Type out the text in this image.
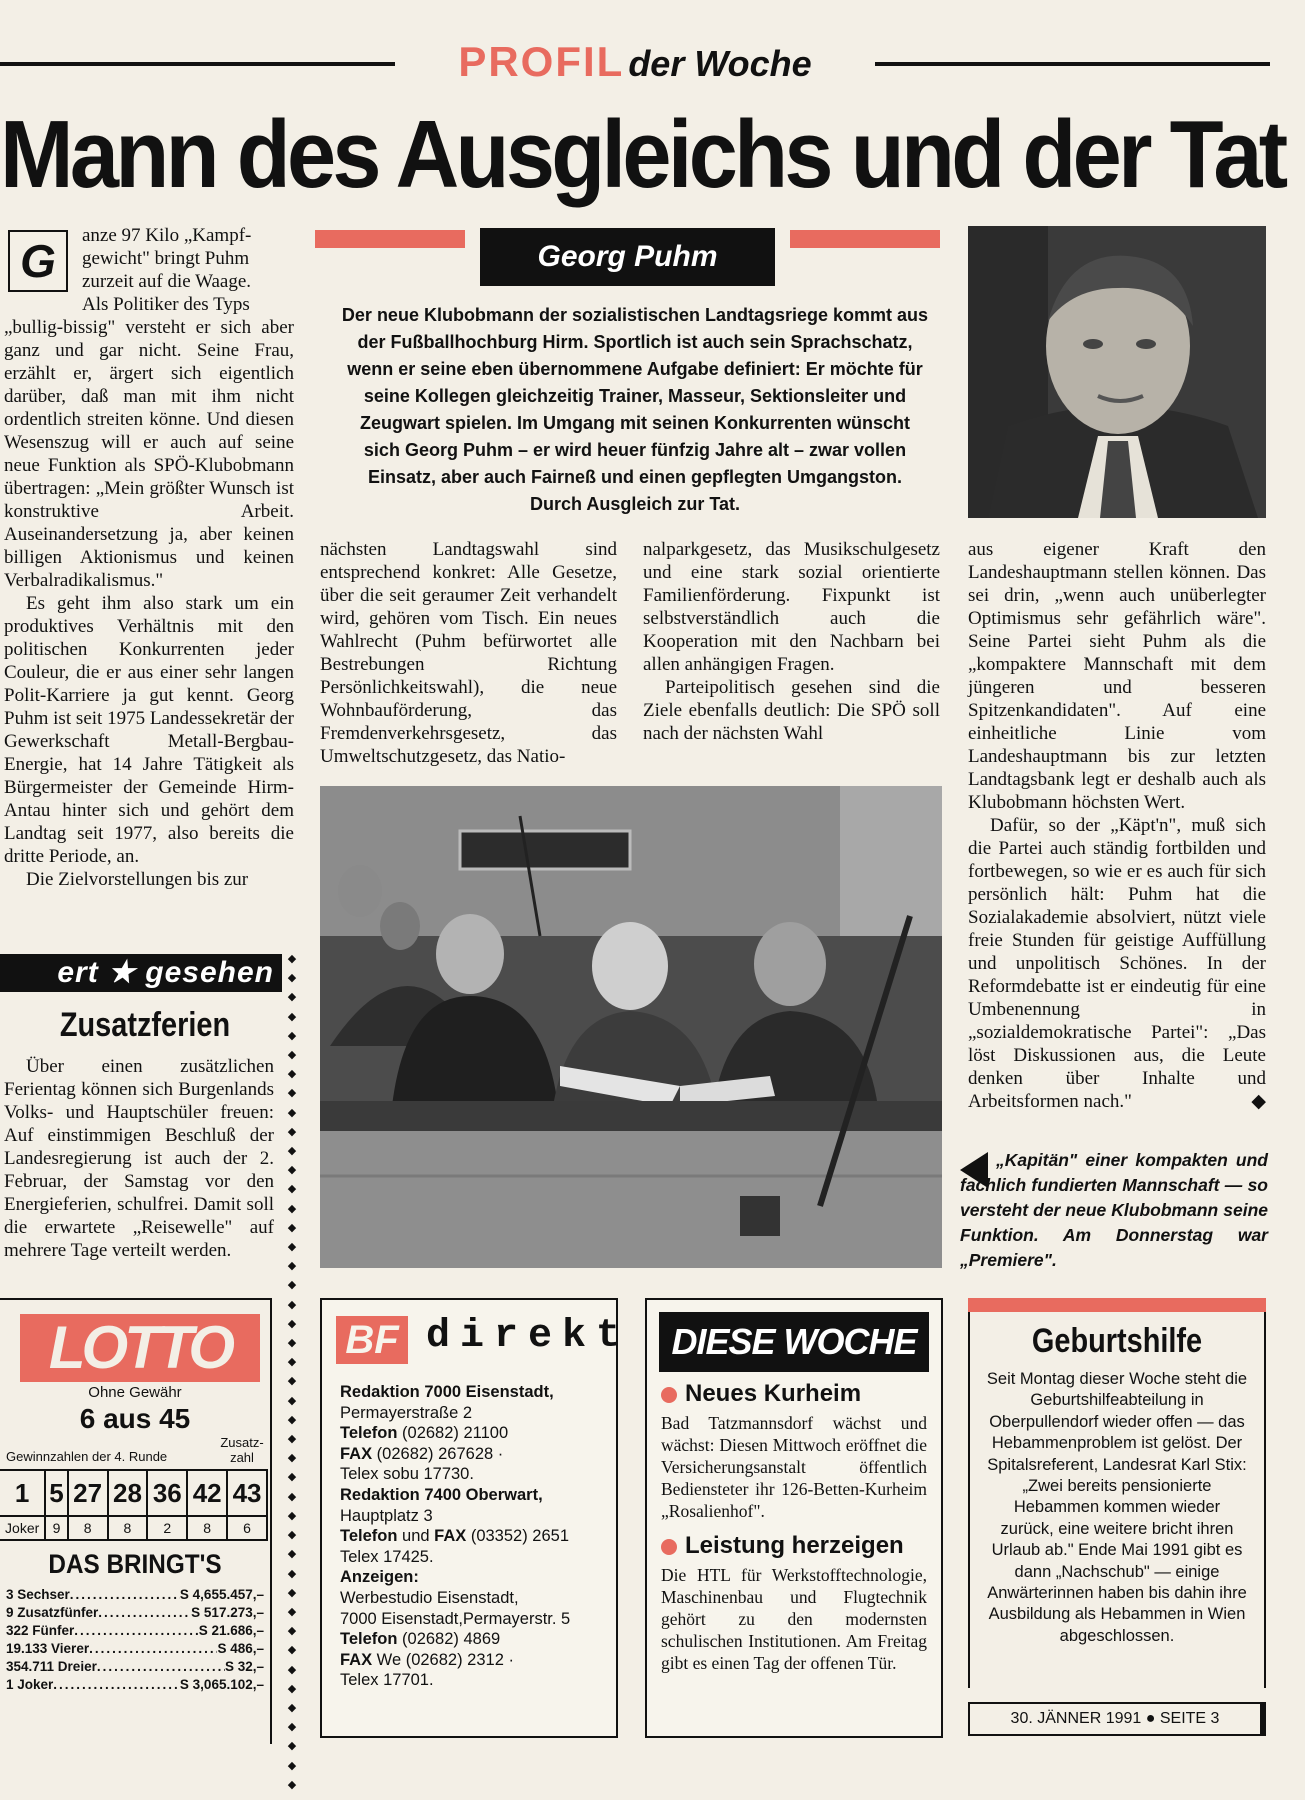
PROFIL der Woche
Mann des Ausgleichs und der Tat
G	anze 97 Kilo „Kampf-

gewicht" bringt Puhm

zurzeit auf die Waage.

Als Politiker des Typs

„bullig-bissig" versteht er sich aber ganz und gar nicht. Seine Frau, erzählt er, ärgert sich eigentlich darüber, daß man mit ihm nicht ordentlich streiten könne. Und diesen Wesenszug will er auch auf seine neue Funktion als SPÖ-Klubobmann übertragen: „Mein größter Wunsch ist konstruktive Arbeit. Auseinandersetzung ja, aber keinen billigen Aktionismus und keinen Verbalradikalismus."

Es geht ihm also stark um ein produktives Verhältnis mit den politischen Konkurrenten jeder Couleur, die er aus einer sehr langen Polit-Karriere ja gut kennt. Georg Puhm ist seit 1975 Landessekretär der Gewerkschaft Metall-Bergbau-Energie, hat 14 Jahre Tätigkeit als Bürgermeister der Gemeinde Hirm-Antau hinter sich und gehört dem Landtag seit 1977, also bereits die dritte Periode, an.

Die Zielvorstellungen bis zur

Georg Puhm
Der neue Klubobmann der sozialistischen Landtagsriege kommt aus der Fußballhochburg Hirm. Sportlich ist auch sein Sprachschatz, wenn er seine eben übernommene Aufgabe definiert: Er möchte für seine Kollegen gleichzeitig Trainer, Masseur, Sektionsleiter und Zeugwart spielen. Im Umgang mit seinen Konkurrenten wünscht sich Georg Puhm – er wird heuer fünfzig Jahre alt – zwar vollen Einsatz, aber auch Fairneß und einen gepflegten Umgangston. Durch Ausgleich zur Tat.

nächsten Landtagswahl sind entsprechend konkret: Alle Gesetze, über die seit geraumer Zeit verhandelt wird, gehören vom Tisch. Ein neues Wahlrecht (Puhm befürwortet alle Bestrebungen Richtung Persönlichkeitswahl), die neue Wohnbauförderung, das Fremdenverkehrsgesetz, das Umweltschutzgesetz, das Natio-

nalparkgesetz, das Musikschulgesetz und eine stark sozial orientierte Familienförderung. Fixpunkt ist selbstverständlich auch die Kooperation mit den Nachbarn bei allen anhängigen Fragen.

Parteipolitisch gesehen sind die Ziele ebenfalls deutlich: Die SPÖ soll nach der nächsten Wahl

aus eigener Kraft den Landeshauptmann stellen können. Das sei drin, „wenn auch unüberlegter Optimismus sehr gefährlich wäre". Seine Partei sieht Puhm als die „kompaktere Mannschaft mit dem jüngeren und besseren Spitzenkandidaten". Auf eine einheitliche Linie vom Landeshauptmann bis zur letzten Landtagsbank legt er deshalb auch als Klubobmann höchsten Wert.

Dafür, so der „Käpt'n", muß sich die Partei auch ständig fortbilden und fortbewegen, so wie er es auch für sich persönlich hält: Puhm hat die Sozialakademie absolviert, nützt viele freie Stunden für geistige Auffüllung und unpolitisch Schönes. In der Reformdebatte ist er eindeutig für eine Umbenennung in „sozialdemokratische Partei": „Das löst Diskussionen aus, die Leute denken über Inhalte und Arbeitsformen nach."	◆

„Kapitän" einer kompakten und fachlich fundierten Mannschaft — so versteht der neue Klubobmann seine Funktion. Am Donnerstag war „Premiere".
ert ★ gesehen
Zusatzferien

Über einen zusätzlichen Ferientag können sich Burgenlands Volks- und Hauptschüler freuen: Auf einstimmigen Beschluß der Landesregierung ist auch der 2. Februar, der Samstag vor den Energieferien, schulfrei. Damit soll die erwartete „Reisewelle" auf mehrere Tage verteilt werden.

◆
◆
◆
◆
◆
◆
◆
◆
◆
◆
◆
◆
◆
◆
◆
◆
◆
◆
◆
◆
◆
◆
◆
◆
◆
◆
◆
◆
◆
◆
◆
◆
◆
◆
◆
◆
◆
◆
◆
◆
◆
◆
◆
◆
LOTTO
Ohne Gewähr
6 aus 45
Gewinnzahlen der 4. Runde
Zusatz-zahl
1	5	27	28	36	42	43
Joker	9	8	8	2	8	6
DAS BRINGT'S
3 Sechser .....	S 4,655.457,–
9 Zusatzfünfer .....	S 517.273,–
322 Fünfer .....	S 21.686,–
19.133 Vierer .....	S 486,–
354.711 Dreier .....	S 32,–
1 Joker .....	S 3,065.102,–
BF direkt
Redaktion 7000 Eisenstadt,
Permayerstraße 2
Telefon (02682) 21100
FAX (02682) 267628 ·
Telex sobu 17730.
Redaktion 7400 Oberwart,
Hauptplatz 3
Telefon und FAX (03352) 2651
Telex 17425.
Anzeigen:
Werbestudio Eisenstadt,
7000 Eisenstadt,Permayerstr. 5
Telefon (02682) 4869
FAX We (02682) 2312 ·
Telex 17701.
DIESE WOCHE
Neues Kurheim
Bad Tatzmannsdorf wächst und wächst: Diesen Mittwoch eröffnet die Versicherungsanstalt öffentlich Bediensteter ihr 126-Betten-Kurheim „Rosalienhof".
Leistung herzeigen
Die HTL für Werkstofftechnologie, Maschinenbau und Flugtechnik gehört zu den modernsten schulischen Institutionen. Am Freitag gibt es einen Tag der offenen Tür.
Geburtshilfe
Seit Montag dieser Woche steht die Geburtshilfeabteilung in Oberpullendorf wieder offen — das Hebammenproblem ist gelöst. Der Spitalsreferent, Landesrat Karl Stix: „Zwei bereits pensionierte Hebammen kommen wieder zurück, eine weitere bricht ihren Urlaub ab." Ende Mai 1991 gibt es dann „Nachschub" — einige Anwärterinnen haben bis dahin ihre Ausbildung als Hebammen in Wien abgeschlossen.
30. JÄNNER 1991 ● SEITE 3
